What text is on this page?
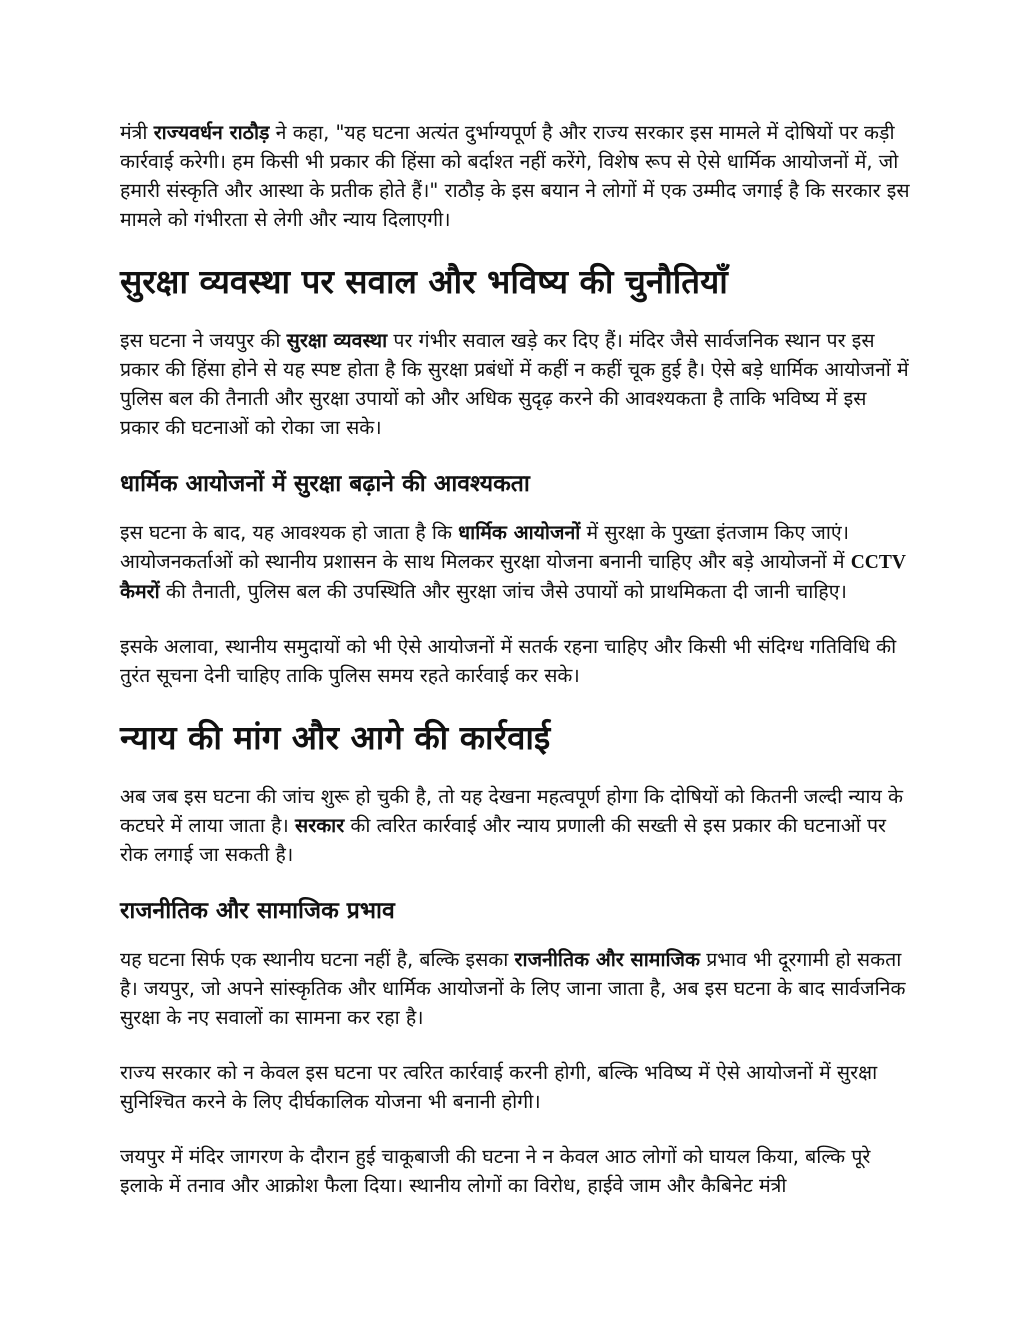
मंत्री राज्यवर्धन राठौड़ ने कहा, "यह घटना अत्यंत दुर्भाग्यपूर्ण है और राज्य सरकार इस मामले में दोषियों पर कड़ी कार्रवाई करेगी। हम किसी भी प्रकार की हिंसा को बर्दाश्त नहीं करेंगे, विशेष रूप से ऐसे धार्मिक आयोजनों में, जो हमारी संस्कृति और आस्था के प्रतीक होते हैं।" राठौड़ के इस बयान ने लोगों में एक उम्मीद जगाई है कि सरकार इस मामले को गंभीरता से लेगी और न्याय दिलाएगी।

सुरक्षा व्यवस्था पर सवाल और भविष्य की चुनौतियाँ

इस घटना ने जयपुर की सुरक्षा व्यवस्था पर गंभीर सवाल खड़े कर दिए हैं। मंदिर जैसे सार्वजनिक स्थान पर इस प्रकार की हिंसा होने से यह स्पष्ट होता है कि सुरक्षा प्रबंधों में कहीं न कहीं चूक हुई है। ऐसे बड़े धार्मिक आयोजनों में पुलिस बल की तैनाती और सुरक्षा उपायों को और अधिक सुदृढ़ करने की आवश्यकता है ताकि भविष्य में इस प्रकार की घटनाओं को रोका जा सके।

धार्मिक आयोजनों में सुरक्षा बढ़ाने की आवश्यकता

इस घटना के बाद, यह आवश्यक हो जाता है कि धार्मिक आयोजनों में सुरक्षा के पुख्ता इंतजाम किए जाएं। आयोजनकर्ताओं को स्थानीय प्रशासन के साथ मिलकर सुरक्षा योजना बनानी चाहिए और बड़े आयोजनों में CCTV कैमरों की तैनाती, पुलिस बल की उपस्थिति और सुरक्षा जांच जैसे उपायों को प्राथमिकता दी जानी चाहिए।

इसके अलावा, स्थानीय समुदायों को भी ऐसे आयोजनों में सतर्क रहना चाहिए और किसी भी संदिग्ध गतिविधि की तुरंत सूचना देनी चाहिए ताकि पुलिस समय रहते कार्रवाई कर सके।

न्याय की मांग और आगे की कार्रवाई

अब जब इस घटना की जांच शुरू हो चुकी है, तो यह देखना महत्वपूर्ण होगा कि दोषियों को कितनी जल्दी न्याय के कटघरे में लाया जाता है। सरकार की त्वरित कार्रवाई और न्याय प्रणाली की सख्ती से इस प्रकार की घटनाओं पर रोक लगाई जा सकती है।

राजनीतिक और सामाजिक प्रभाव

यह घटना सिर्फ एक स्थानीय घटना नहीं है, बल्कि इसका राजनीतिक और सामाजिक प्रभाव भी दूरगामी हो सकता है। जयपुर, जो अपने सांस्कृतिक और धार्मिक आयोजनों के लिए जाना जाता है, अब इस घटना के बाद सार्वजनिक सुरक्षा के नए सवालों का सामना कर रहा है।

राज्य सरकार को न केवल इस घटना पर त्वरित कार्रवाई करनी होगी, बल्कि भविष्य में ऐसे आयोजनों में सुरक्षा सुनिश्चित करने के लिए दीर्घकालिक योजना भी बनानी होगी।

जयपुर में मंदिर जागरण के दौरान हुई चाकूबाजी की घटना ने न केवल आठ लोगों को घायल किया, बल्कि पूरे इलाके में तनाव और आक्रोश फैला दिया। स्थानीय लोगों का विरोध, हाईवे जाम और कैबिनेट मंत्री
